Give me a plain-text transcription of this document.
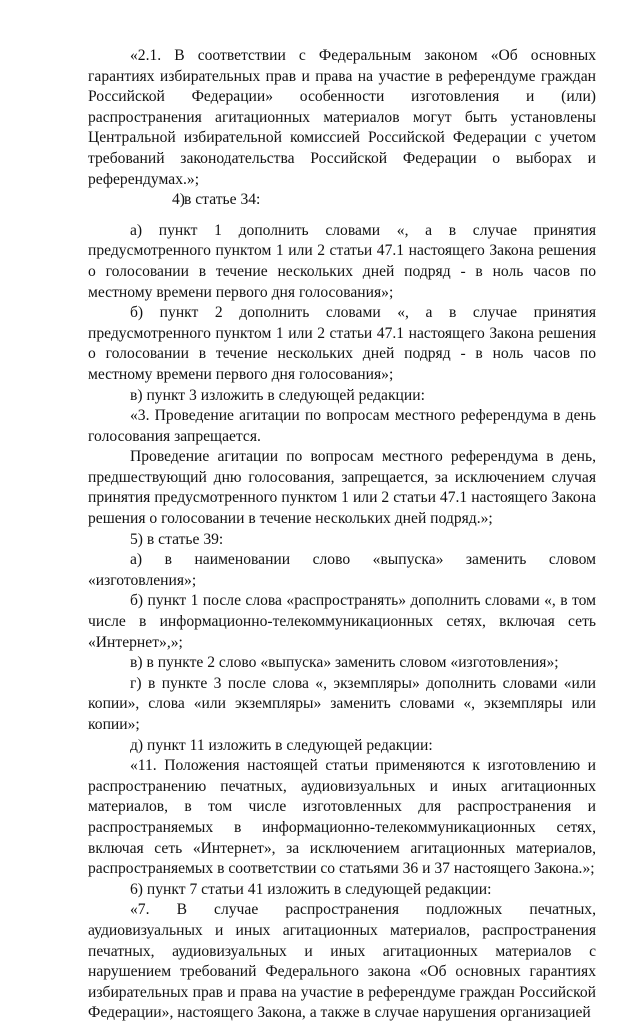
«2.1. В соответствии с Федеральным законом «Об основных гарантиях избирательных прав и права на участие в референдуме граждан Российской Федерации» особенности изготовления и (или) распространения агитационных материалов могут быть установлены Центральной избирательной комиссией Российской Федерации с учетом требований законодательства Российской Федерации о выборах и референдумах.»;

4)в статье 34:

а) пункт 1 дополнить словами «, а в случае принятия предусмотренного пунктом 1 или 2 статьи 47.1 настоящего Закона решения о голосовании в течение нескольких дней подряд - в ноль часов по местному времени первого дня голосования»;

б) пункт 2 дополнить словами «, а в случае принятия предусмотренного пунктом 1 или 2 статьи 47.1 настоящего Закона решения о голосовании в течение нескольких дней подряд - в ноль часов по местному времени первого дня голосования»;

в) пункт 3 изложить в следующей редакции:

«3. Проведение агитации по вопросам местного референдума в день голосования запрещается.

Проведение агитации по вопросам местного референдума в день, предшествующий дню голосования, запрещается, за исключением случая принятия предусмотренного пунктом 1 или 2 статьи 47.1 настоящего Закона решения о голосовании в течение нескольких дней подряд.»;

5) в статье 39:

а) в наименовании слово «выпуска» заменить словом «изготовления»;

б) пункт 1 после слова «распространять» дополнить словами «, в том числе в информационно-телекоммуникационных сетях, включая сеть «Интернет»,»;

в) в пункте 2 слово «выпуска» заменить словом «изготовления»;

г) в пункте 3 после слова «, экземпляры» дополнить словами «или копии», слова «или экземпляры» заменить словами «, экземпляры или копии»;

д) пункт 11 изложить в следующей редакции:

«11. Положения настоящей статьи применяются к изготовлению и распространению печатных, аудиовизуальных и иных агитационных материалов, в том числе изготовленных для распространения и распространяемых в информационно-телекоммуникационных сетях, включая сеть «Интернет», за исключением агитационных материалов, распространяемых в соответствии со статьями 36 и 37 настоящего Закона.»;

6) пункт 7 статьи 41 изложить в следующей редакции:

«7. В случае распространения подложных печатных, аудиовизуальных и иных агитационных материалов, распространения печатных, аудиовизуальных и иных агитационных материалов с нарушением требований Федерального закона «Об основных гарантиях избирательных прав и права на участие в референдуме граждан Российской Федерации», настоящего Закона, а также в случае нарушения организацией
